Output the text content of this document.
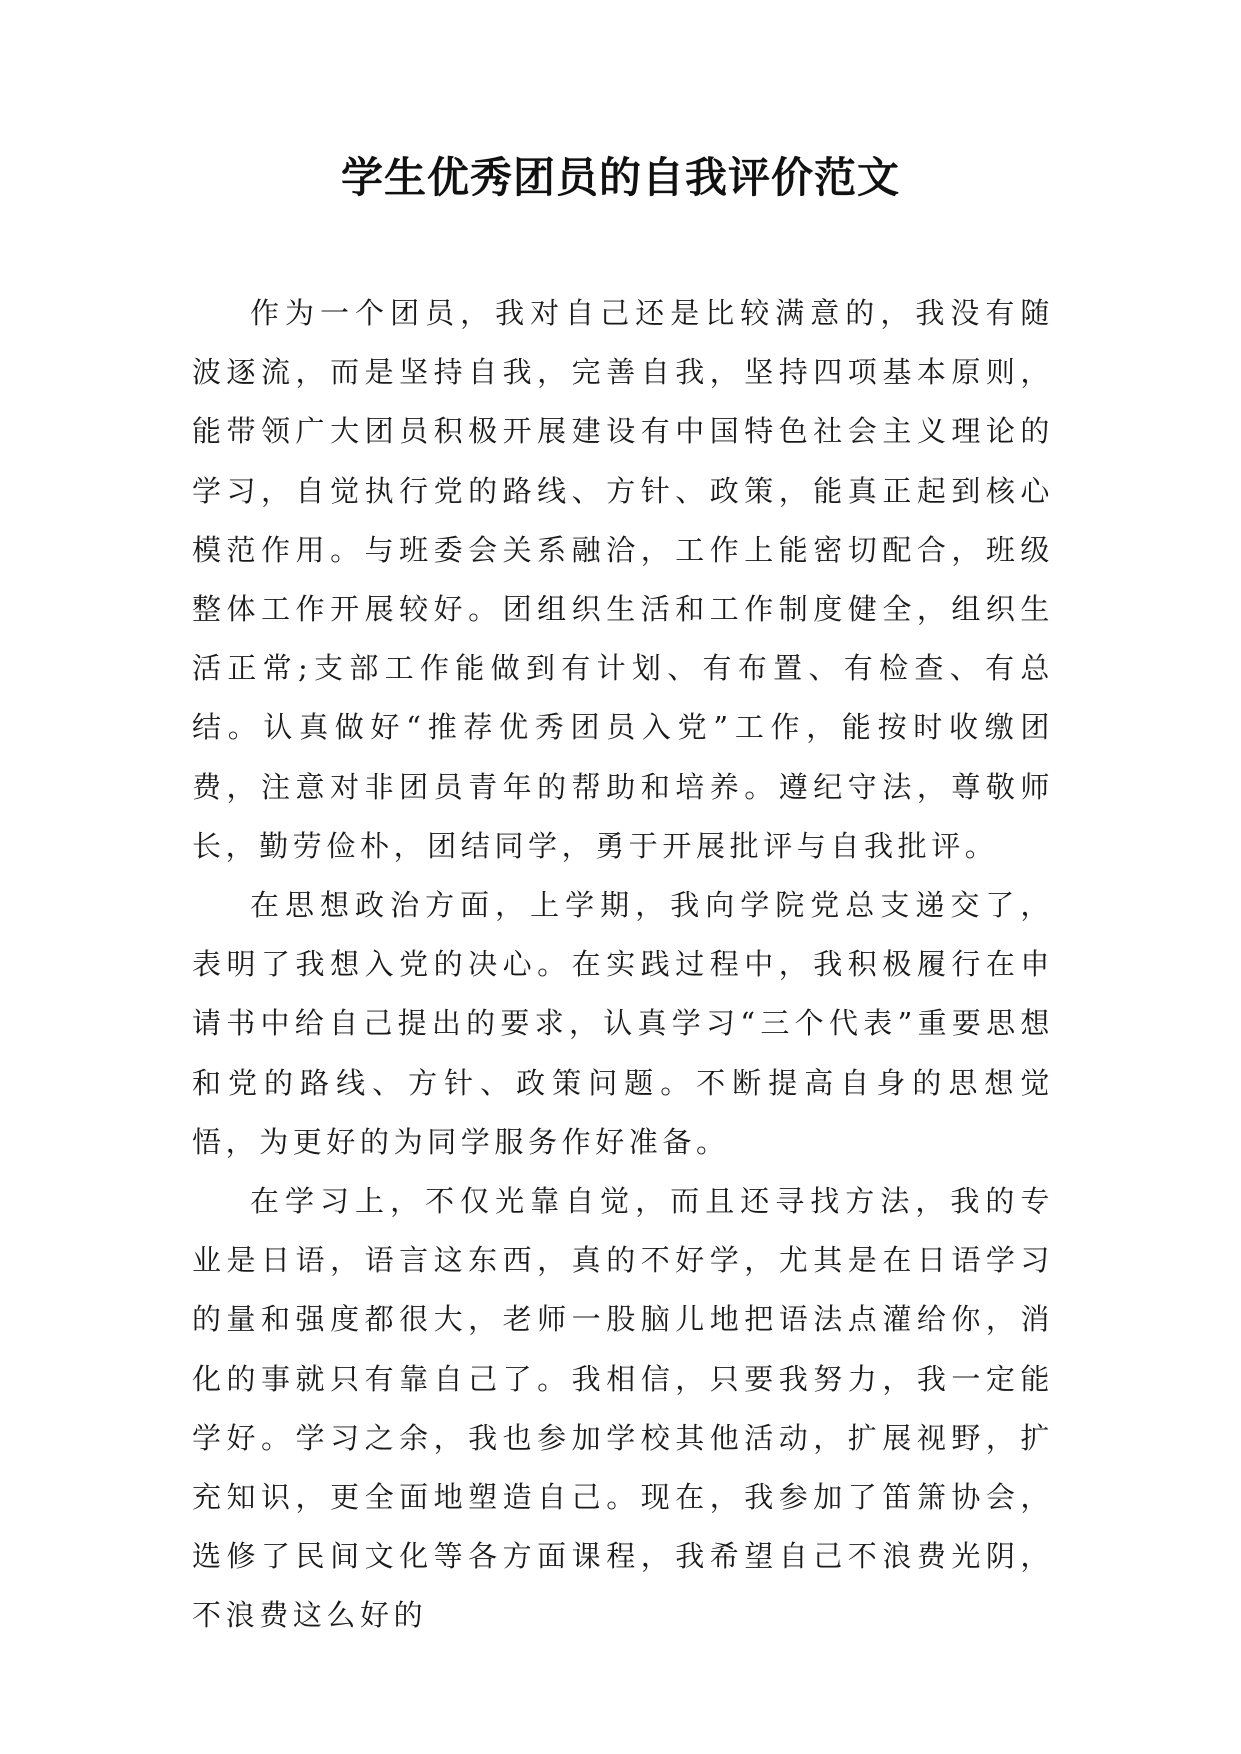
学生优秀团员的自我评价范文

作为一个团员，我对自己还是比较满意的，我没有随波逐流，而是坚持自我，完善自我，坚持四项基本原则，能带领广大团员积极开展建设有中国特色社会主义理论的学习，自觉执行党的路线、方针、政策，能真正起到核心模范作用。与班委会关系融洽，工作上能密切配合，班级整体工作开展较好。团组织生活和工作制度健全，组织生活正常;支部工作能做到有计划、有布置、有检查、有总结。认真做好“推荐优秀团员入党”工作，能按时收缴团费，注意对非团员青年的帮助和培养。遵纪守法，尊敬师长，勤劳俭朴，团结同学，勇于开展批评与自我批评。

在思想政治方面，上学期，我向学院党总支递交了，表明了我想入党的决心。在实践过程中，我积极履行在申请书中给自己提出的要求，认真学习“三个代表”重要思想和党的路线、方针、政策问题。不断提高自身的思想觉悟，为更好的为同学服务作好准备。

在学习上，不仅光靠自觉，而且还寻找方法，我的专业是日语，语言这东西，真的不好学，尤其是在日语学习的量和强度都很大，老师一股脑儿地把语法点灌给你，消化的事就只有靠自己了。我相信，只要我努力，我一定能学好。学习之余，我也参加学校其他活动，扩展视野，扩充知识，更全面地塑造自己。现在，我参加了笛箫协会，选修了民间文化等各方面课程，我希望自己不浪费光阴，不浪费这么好的
